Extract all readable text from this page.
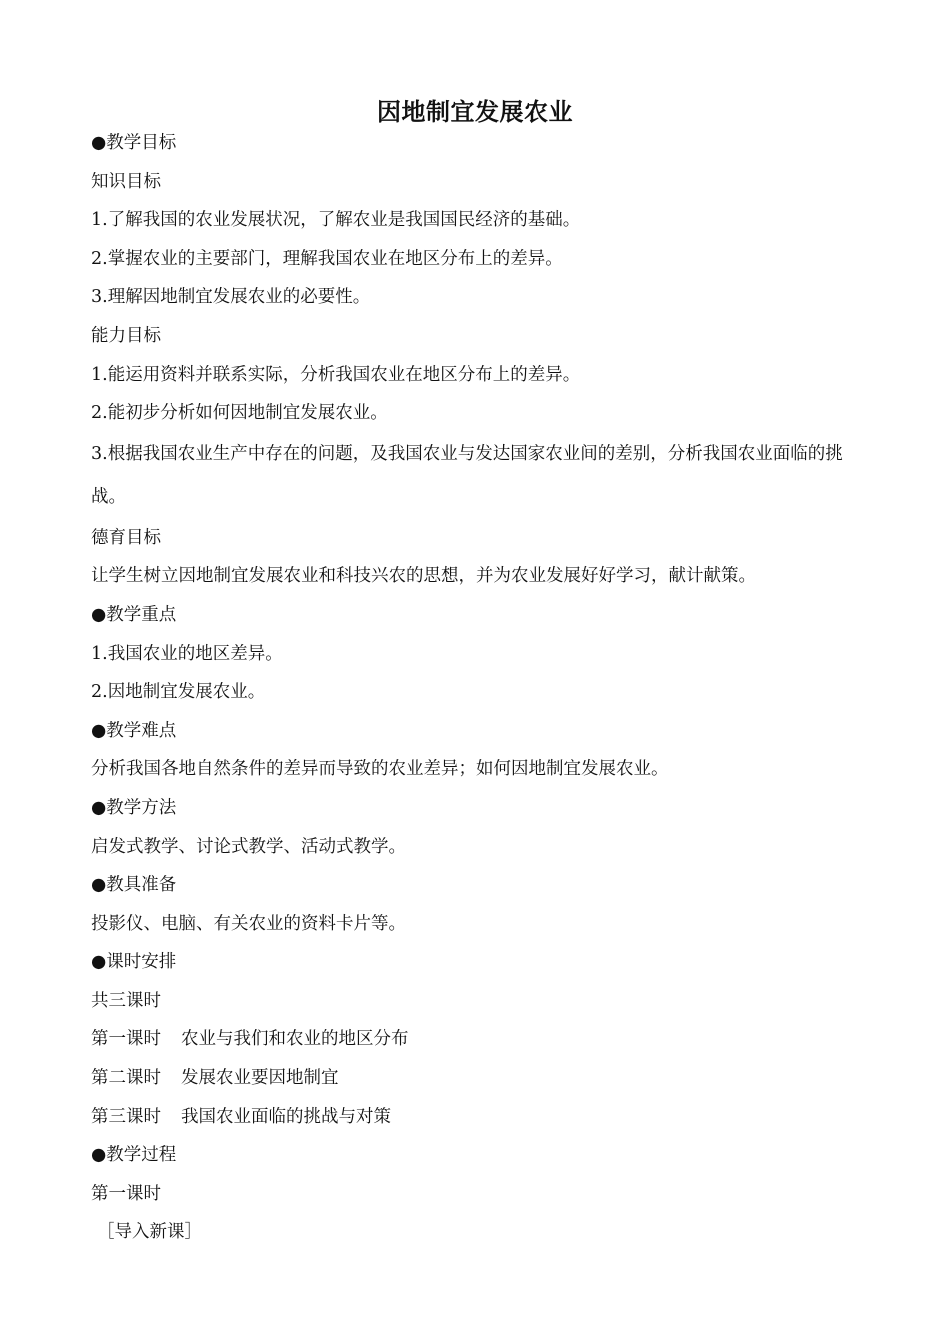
因地制宜发展农业

●教学目标

知识目标

1.了解我国的农业发展状况，了解农业是我国国民经济的基础。

2.掌握农业的主要部门，理解我国农业在地区分布上的差异。

3.理解因地制宜发展农业的必要性。

能力目标

1.能运用资料并联系实际，分析我国农业在地区分布上的差异。

2.能初步分析如何因地制宜发展农业。

3.根据我国农业生产中存在的问题，及我国农业与发达国家农业间的差别，分析我国农业面临的挑战。

德育目标

让学生树立因地制宜发展农业和科技兴农的思想，并为农业发展好好学习，献计献策。

●教学重点

1.我国农业的地区差异。

2.因地制宜发展农业。

●教学难点

分析我国各地自然条件的差异而导致的农业差异；如何因地制宜发展农业。

●教学方法

启发式教学、讨论式教学、活动式教学。

●教具准备

投影仪、电脑、有关农业的资料卡片等。

●课时安排

共三课时

第一课时 农业与我们和农业的地区分布

第二课时 发展农业要因地制宜

第三课时 我国农业面临的挑战与对策

●教学过程

第一课时

［导入新课］
